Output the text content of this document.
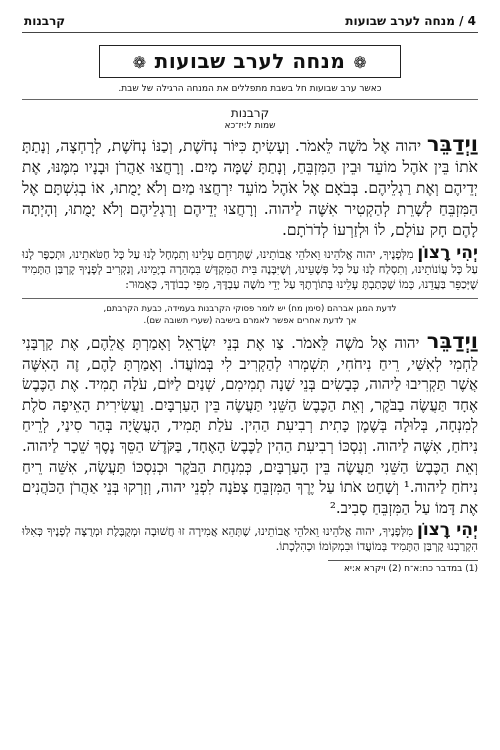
4 / מנחה לערב שבועות
קרבנות
❁מנחה לערב שבועות❁
כאשר ערב שבועות חל בשבת מתפללים את המנחה הרגילה של שבת.
קרבנות
שמות ל:יז־כא
וַיְדַבֵּר יהוה אֶל מֹשֶׁה לֵּאמֹר. וְעָשִׂיתָ כִּיּוֹר נְחֹשֶׁת, וְכַנּוֹ נְחֹשֶׁת, לְרָחְצָה, וְנָתַתָּ אֹתוֹ בֵּין אֹהֶל מוֹעֵד וּבֵין הַמִּזְבֵּחַ, וְנָתַתָּ שָׁמָּה מָיִם. וְרָחֲצוּ אַהֲרֹן וּבָנָיו מִמֶּנּוּ, אֶת יְדֵיהֶם וְאֶת רַגְלֵיהֶם. בְּבֹאָם אֶל אֹהֶל מוֹעֵד יִרְחֲצוּ מַיִם וְלֹא יָמֻתוּ, אוֹ בְגִשְׁתָּם אֶל הַמִּזְבֵּחַ לְשָׁרֵת לְהַקְטִיר אִשֶּׁה לַיהוה. וְרָחֲצוּ יְדֵיהֶם וְרַגְלֵיהֶם וְלֹא יָמֻתוּ, וְהָיְתָה לָהֶם חָק עוֹלָם, לוֹ וּלְזַרְעוֹ לְדֹרֹתָם.
יְהִי רָצוֹן מִלְּפָנֶיךָ, יהוה אֱלֹהֵינוּ וֵאלֹהֵי אֲבוֹתֵינוּ, שֶׁתְּרַחֵם עָלֵינוּ וְתִמְחָל לָנוּ עַל כָּל חַטֹּאתֵינוּ, וּתְכַפֶּר לָנוּ עַל כָּל עֲוֹנוֹתֵינוּ, וְתִסְלַח לָנוּ עַל כָּל פְּשָׁעֵינוּ, וְשֶׁיִּבָּנֶה בֵּית הַמִּקְדָּשׁ בִּמְהֵרָה בְיָמֵינוּ, וְנַקְרִיב לְפָנֶיךָ קָרְבַּן הַתָּמִיד שֶׁיְּכַפֵּר בַּעֲדֵנוּ, כְּמוֹ שֶׁכָּתַבְתָּ עָלֵינוּ בְּתוֹרָתֶךָ עַל יְדֵי מֹשֶׁה עַבְדֶּךָ, מִפִּי כְבוֹדֶךָ, כָּאָמוּר:
לדעת המגן אברהם (סימן מח) יש לומר פסוקי הקרבנות בעמידה, כבעת הקרבתם,
אך לדעת אחרים אפשר לאמרם בישיבה (שערי תשובה שם).
וַיְדַבֵּר יהוה אֶל מֹשֶׁה לֵּאמֹר. צַו אֶת בְּנֵי יִשְׂרָאֵל וְאָמַרְתָּ אֲלֵהֶם, אֶת קָרְבָּנִי לַחְמִי לְאִשַּׁי, רֵיחַ נִיחֹחִי, תִּשְׁמְרוּ לְהַקְרִיב לִי בְּמוֹעֲדוֹ. וְאָמַרְתָּ לָהֶם, זֶה הָאִשֶּׁה אֲשֶׁר תַּקְרִיבוּ לַיהוה, כְּבָשִׂים בְּנֵי שָׁנָה תְמִימִם, שְׁנַיִם לַיּוֹם, עֹלָה תָמִיד. אֶת הַכֶּבֶשׂ אֶחָד תַּעֲשֶׂה בַבֹּקֶר, וְאֵת הַכֶּבֶשׂ הַשֵּׁנִי תַּעֲשֶׂה בֵּין הָעַרְבָּיִם. וַעֲשִׂירִית הָאֵיפָה סֹלֶת לְמִנְחָה, בְּלוּלָה בְּשֶׁמֶן כָּתִית רְבִיעִת הַהִין. עֹלַת תָּמִיד, הָעֲשֻׂיָה בְּהַר סִינַי, לְרֵיחַ נִיחֹחַ, אִשֶּׁה לַיהוה. וְנִסְכּוֹ רְבִיעִת הַהִין לַכֶּבֶשׂ הָאֶחָד, בַּקֹּדֶשׁ הַסֵּךְ נֶסֶךְ שֵׁכָר לַיהוה. וְאֵת הַכֶּבֶשׂ הַשֵּׁנִי תַּעֲשֶׂה בֵּין הָעַרְבָּיִם, כְּמִנְחַת הַבֹּקֶר וּכְנִסְכּוֹ תַּעֲשֶׂה, אִשֵּׁה רֵיחַ נִיחֹחַ לַיהוה.¹ וְשָׁחַט אֹתוֹ עַל יֶרֶךְ הַמִּזְבֵּחַ צָפֹנָה לִפְנֵי יהוה, וְזָרְקוּ בְּנֵי אַהֲרֹן הַכֹּהֲנִים אֶת דָּמוֹ עַל הַמִּזְבֵּחַ סָבִיב.²
יְהִי רָצוֹן מִלְּפָנֶיךָ, יהוה אֱלֹהֵינוּ וֵאלֹהֵי אֲבוֹתֵינוּ, שֶׁתְּהֵא אֲמִירָה זוּ חֲשׁוּבָה וּמְקֻבֶּלֶת וּמְרֻצָּה לְפָנֶיךָ כְּאִלּוּ הִקְרַבְנוּ קָרְבַּן הַתָּמִיד בְּמוֹעֲדוֹ וּבִמְקוֹמוֹ וּכְהִלְכָתוֹ.
(1) במדבר כח:א־ח (2) ויקרא א:יא
